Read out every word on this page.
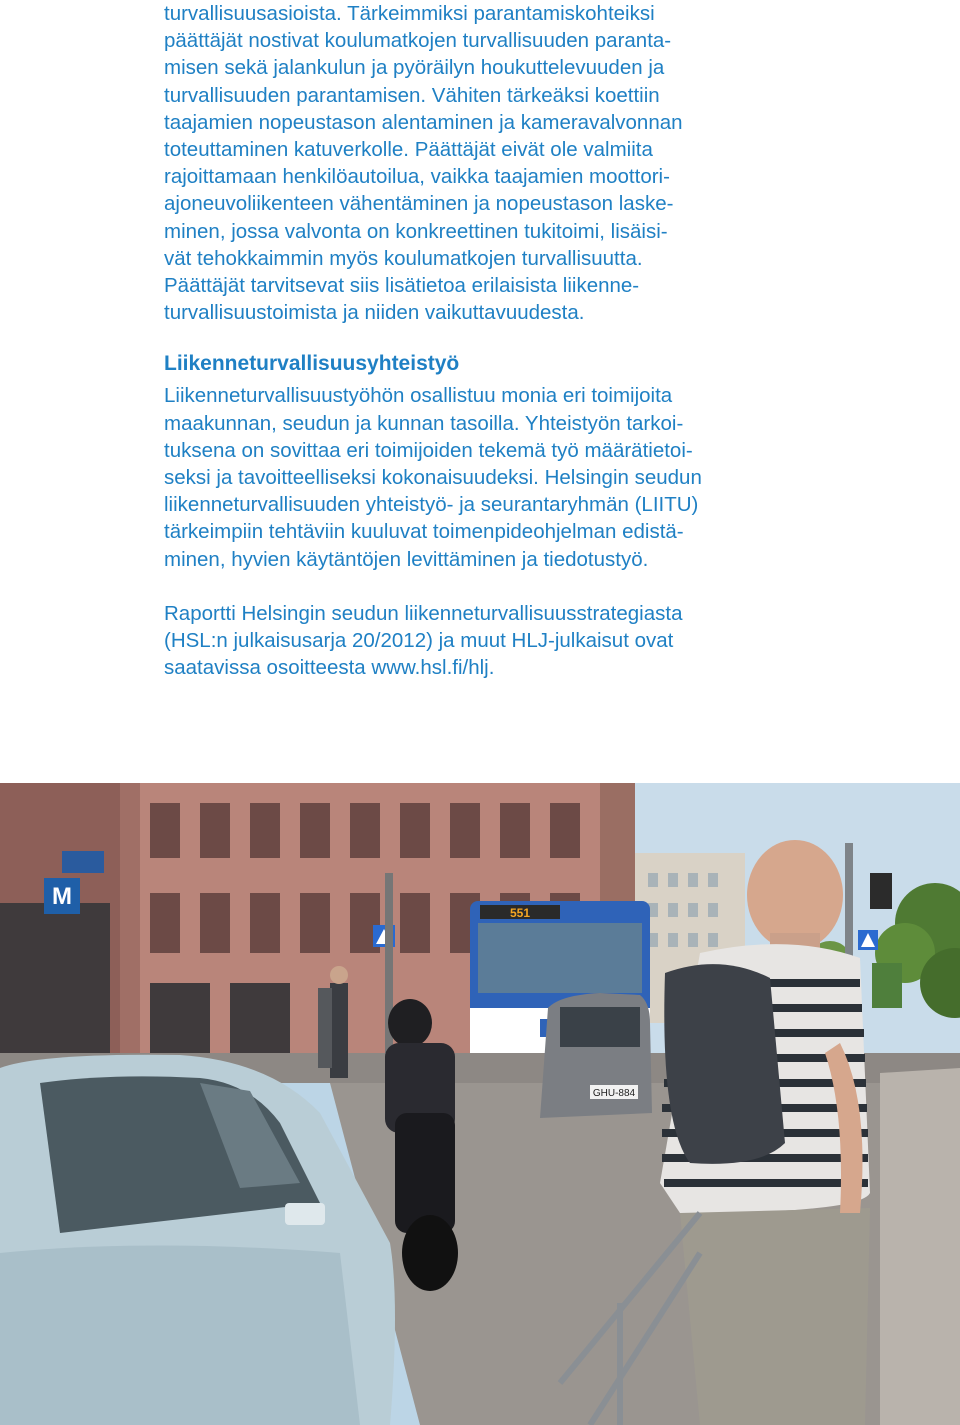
turvallisuusasioista. Tärkeimmiksi parantamiskohteiksi
päättäjät nostivat koulumatkojen turvallisuuden paranta-
misen sekä jalankulun ja pyöräilyn houkuttelevuuden ja
turvallisuuden parantamisen. Vähiten tärkeäksi koettiin
taajamien nopeustason alentaminen ja kameravalvonnan
toteuttaminen katuverkolle. Päättäjät eivät ole valmiita
rajoittamaan henkilöautoilua, vaikka taajamien moottori-
ajoneuvoliikenteen vähentäminen ja nopeustason laske-
minen, jossa valvonta on konkreettinen tukitoimi, lisäisi-
vät tehokkaimmin myös koulumatkojen turvallisuutta.
Päättäjät tarvitsevat siis lisätietoa erilaisista liikenne-
turvallisuustoimista ja niiden vaikuttavuudesta.
Liikenneturvallisuusyhteistyö
Liikenneturvallisuustyöhön osallistuu monia eri toimijoita
maakunnan, seudun ja kunnan tasoilla. Yhteistyön tarkoi-
tuksena on sovittaa eri toimijoiden tekemä työ määrätietoi-
seksi ja tavoitteelliseksi kokonaisuudeksi. Helsingin seudun
liikenneturvallisuuden yhteistyö- ja seurantaryhmän (LIITU)
tärkeimpiin tehtäviin kuuluvat toimenpideohjelman edistä-
minen, hyvien käytäntöjen levittäminen ja tiedotustyö.
Raportti Helsingin seudun liikenneturvallisuusstrategiasta
(HSL:n julkaisusarja 20/2012) ja muut HLJ-julkaisut ovat
saatavissa osoitteesta www.hsl.fi/hlj.
M
551
GHU-884
